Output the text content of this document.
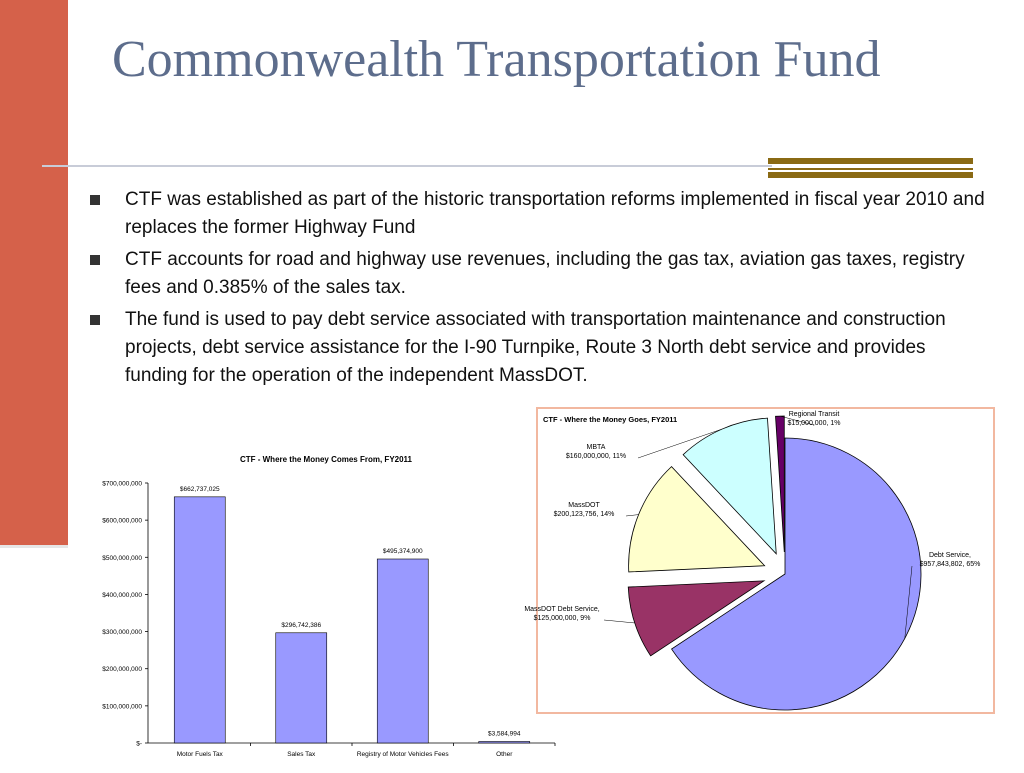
Commonwealth Transportation Fund
CTF was established as part of the historic transportation reforms implemented in fiscal year 2010 and replaces the former Highway Fund
CTF accounts for road and highway use revenues, including the gas tax, aviation gas taxes, registry fees and 0.385% of the sales tax.
The fund is used to pay debt service associated with transportation maintenance and construction projects, debt service assistance for the I-90 Turnpike, Route 3 North debt service and provides funding for the operation of the independent MassDOT.
CTF - Where the Money Comes From, FY2011
$-
$100,000,000
$200,000,000
$300,000,000
$400,000,000
$500,000,000
$600,000,000
$700,000,000
$662,737,025
$296,742,386
$495,374,900
$3,584,994
Motor Fuels Tax	Sales Tax	Registry of Motor Vehicles Fees	Other
CTF - Where the Money Goes, FY2011
Debt Service,
$957,843,802, 65%
MassDOT Debt Service,
$125,000,000, 9%
MassDOT
$200,123,756, 14%
MBTA
$160,000,000, 11%
Regional Transit
$15,000,000, 1%
